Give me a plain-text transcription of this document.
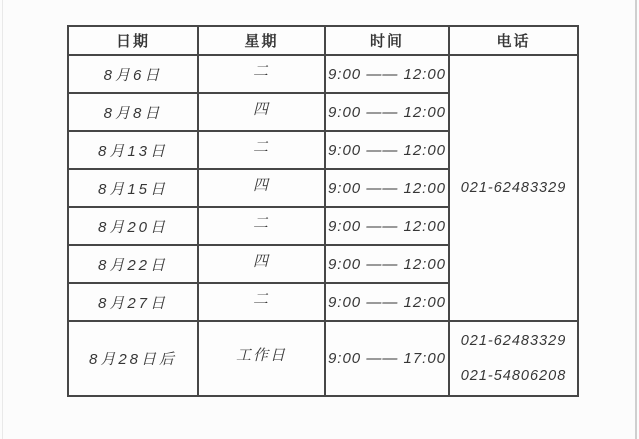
日期	星期	时间	电话
8月6日	二	9:00 —— 12:00	021-62483329
8月8日	四	9:00 —— 12:00	
8月13日	二	9:00 —— 12:00	
8月15日	四	9:00 —— 12:00	
8月20日	二	9:00 —— 12:00	
8月22日	四	9:00 —— 12:00	
8月27日	二	9:00 —— 12:00	
8月28日后	工作日	9:00 —— 17:00	021-62483329
021-54806208
